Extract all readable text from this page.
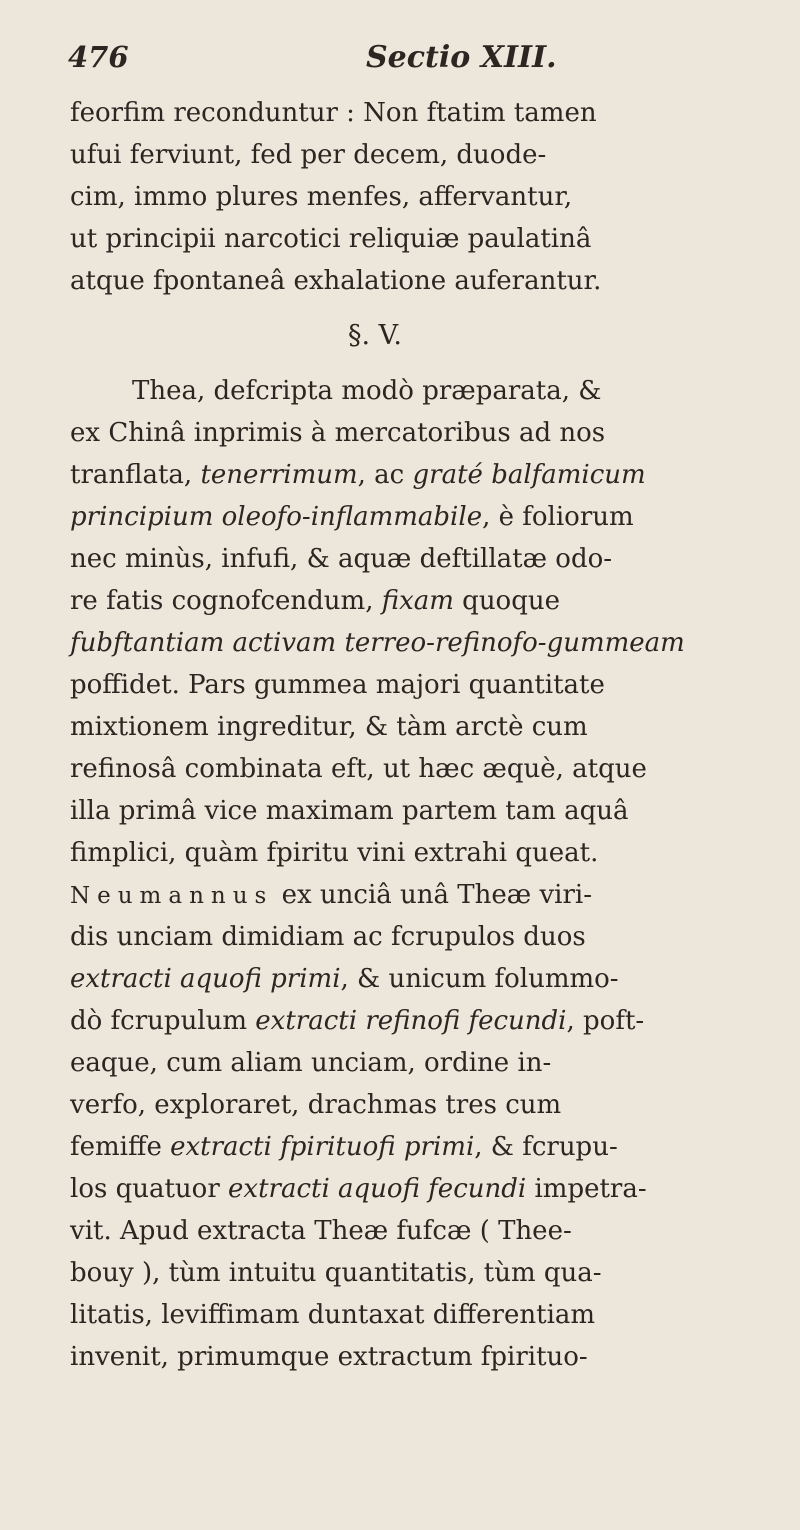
476	Sectio XIII.
feorfim reconduntur : Non ftatim tamen
ufui ferviunt, fed per decem, duode-
cim, immo plures menfes, affervantur,
ut principii narcotici reliquiæ paulatinâ
atque fpontaneâ exhalatione auferantur.
§. V.
Thea, defcripta modò præparata, &
ex Chinâ inprimis à mercatoribus ad nos
tranflata, tenerrimum, ac graté balfamicum
principium oleofo-inflammabile, è foliorum
nec minùs, infufi, & aquæ deftillatæ odo-
re fatis cognofcendum, fixam quoque
fubftantiam activam terreo-refinofo-gummeam
poffidet. Pars gummea majori quantitate
mixtionem ingreditur, & tàm arctè cum
refinosâ combinata eft, ut hæc æquè, atque
illa primâ vice maximam partem tam aquâ
fimplici, quàm fpiritu vini extrahi queat.
Neumannus ex unciâ unâ Theæ viri-
dis unciam dimidiam ac fcrupulos duos
extracti aquofi primi, & unicum folummo-
dò fcrupulum extracti refinofi fecundi, poft-
eaque, cum aliam unciam, ordine in-
verfo, exploraret, drachmas tres cum
femiffe extracti fpirituofi primi, & fcrupu-
los quatuor extracti aquofi fecundi impetra-
vit. Apud extracta Theæ fufcæ ( Thee-
bouy ), tùm intuitu quantitatis, tùm qua-
litatis, leviffimam duntaxat differentiam
invenit, primumque extractum fpirituo-
